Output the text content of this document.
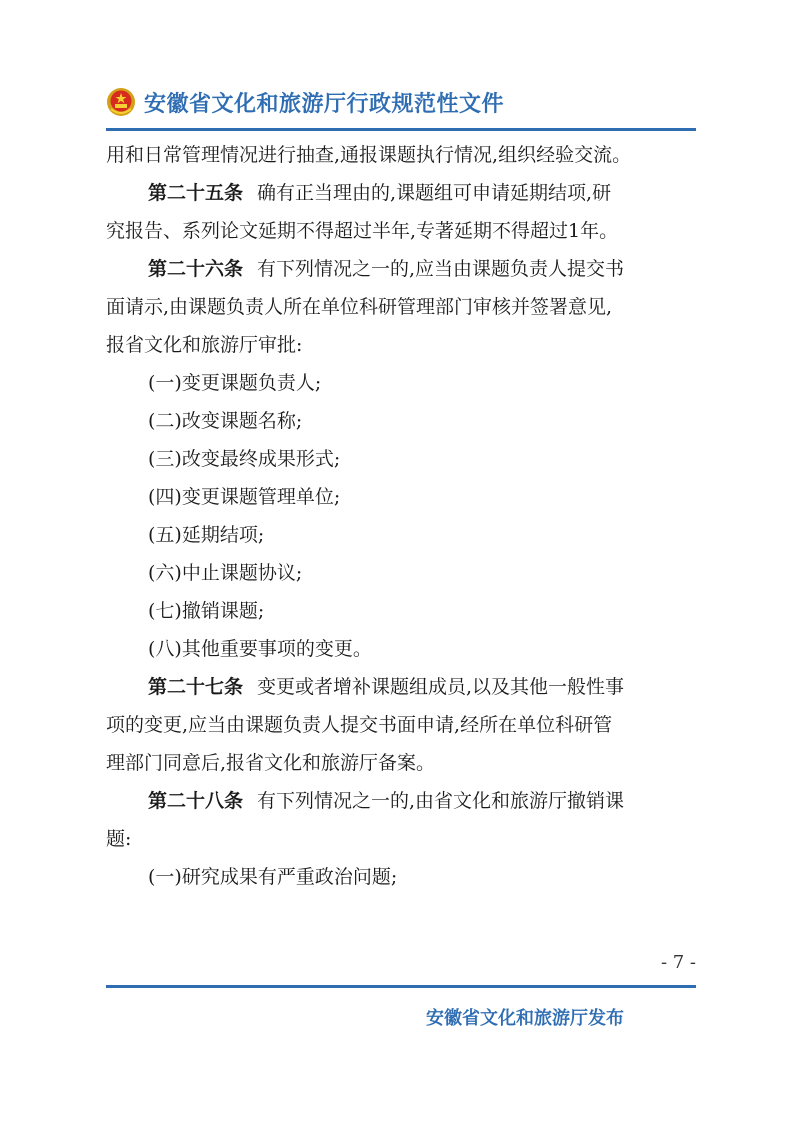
安徽省文化和旅游厅行政规范性文件
用和日常管理情况进行抽查,通报课题执行情况,组织经验交流。
第二十五条 确有正当理由的,课题组可申请延期结项,研
究报告、系列论文延期不得超过半年,专著延期不得超过1年。
第二十六条 有下列情况之一的,应当由课题负责人提交书
面请示,由课题负责人所在单位科研管理部门审核并签署意见,
报省文化和旅游厅审批:
(一)变更课题负责人;
(二)改变课题名称;
(三)改变最终成果形式;
(四)变更课题管理单位;
(五)延期结项;
(六)中止课题协议;
(七)撤销课题;
(八)其他重要事项的变更。
第二十七条 变更或者增补课题组成员,以及其他一般性事
项的变更,应当由课题负责人提交书面申请,经所在单位科研管
理部门同意后,报省文化和旅游厅备案。
第二十八条 有下列情况之一的,由省文化和旅游厅撤销课
题:
(一)研究成果有严重政治问题;
- 7 -
安徽省文化和旅游厅发布
